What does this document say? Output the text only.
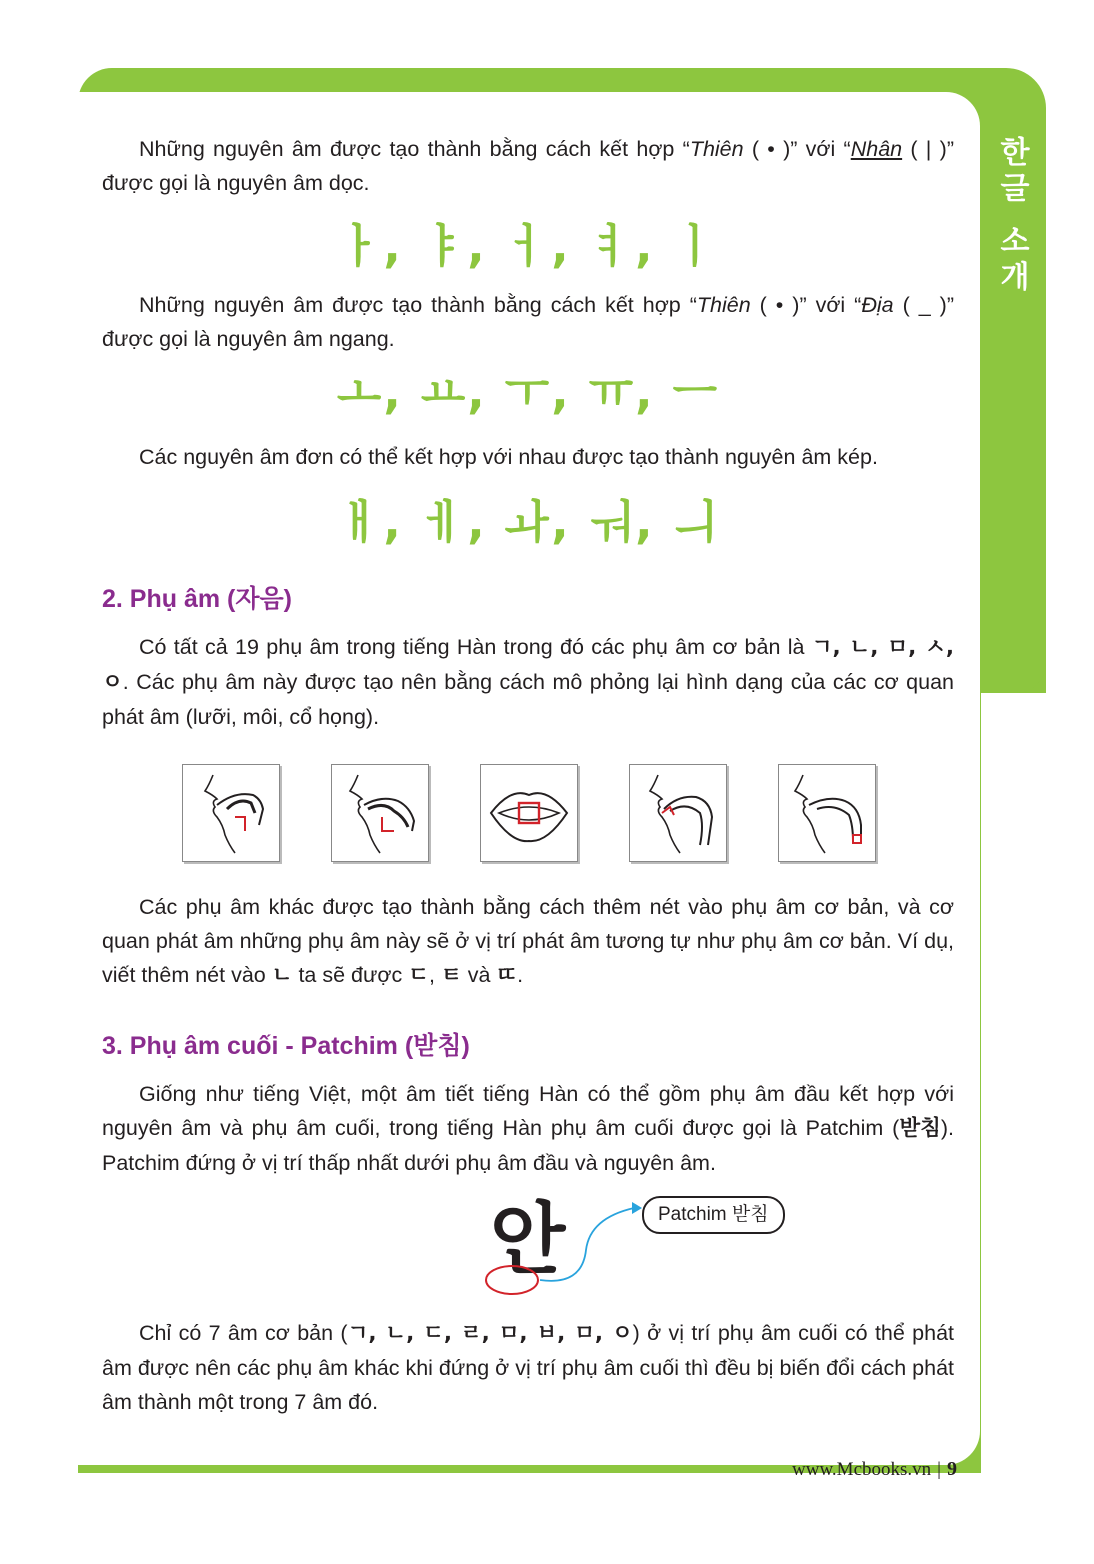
한글 소개

Những nguyên âm được tạo thành bằng cách kết hợp “Thiên ( • )” với “Nhân ( | )” được gọi là nguyên âm dọc.

ㅏ, ㅑ, ㅓ, ㅕ, ㅣ

Những nguyên âm được tạo thành bằng cách kết hợp “Thiên ( • )” với “Địa ( _ )” được gọi là nguyên âm ngang.

ㅗ, ㅛ, ㅜ, ㅠ, ㅡ

Các nguyên âm đơn có thể kết hợp với nhau được tạo thành nguyên âm kép.

ㅐ, ㅔ, ㅘ, ㅝ, ㅢ
2. Phụ âm (자음)

Có tất cả 19 phụ âm trong tiếng Hàn trong đó các phụ âm cơ bản là ㄱ, ㄴ, ㅁ, ㅅ, ㅇ. Các phụ âm này được tạo nên bằng cách mô phỏng lại hình dạng của các cơ quan phát âm (lưỡi, môi, cổ họng).

Các phụ âm khác được tạo thành bằng cách thêm nét vào phụ âm cơ bản, và cơ quan phát âm những phụ âm này sẽ ở vị trí phát âm tương tự như phụ âm cơ bản. Ví dụ, viết thêm nét vào ㄴ ta sẽ được ㄷ, ㅌ và ㄸ.

3. Phụ âm cuối - Patchim (받침)

Giống như tiếng Việt, một âm tiết tiếng Hàn có thể gồm phụ âm đầu kết hợp với nguyên âm và phụ âm cuối, trong tiếng Hàn phụ âm cuối được gọi là Patchim (받침). Patchim đứng ở vị trí thấp nhất dưới phụ âm đầu và nguyên âm.

안	Patchim 받침

Chỉ có 7 âm cơ bản (ㄱ, ㄴ, ㄷ, ㄹ, ㅁ, ㅂ, ㅁ, ㅇ) ở vị trí phụ âm cuối có thể phát âm được nên các phụ âm khác khi đứng ở vị trí phụ âm cuối thì đều bị biến đổi cách phát âm thành một trong 7 âm đó.

www.Mcbooks.vn | 9
